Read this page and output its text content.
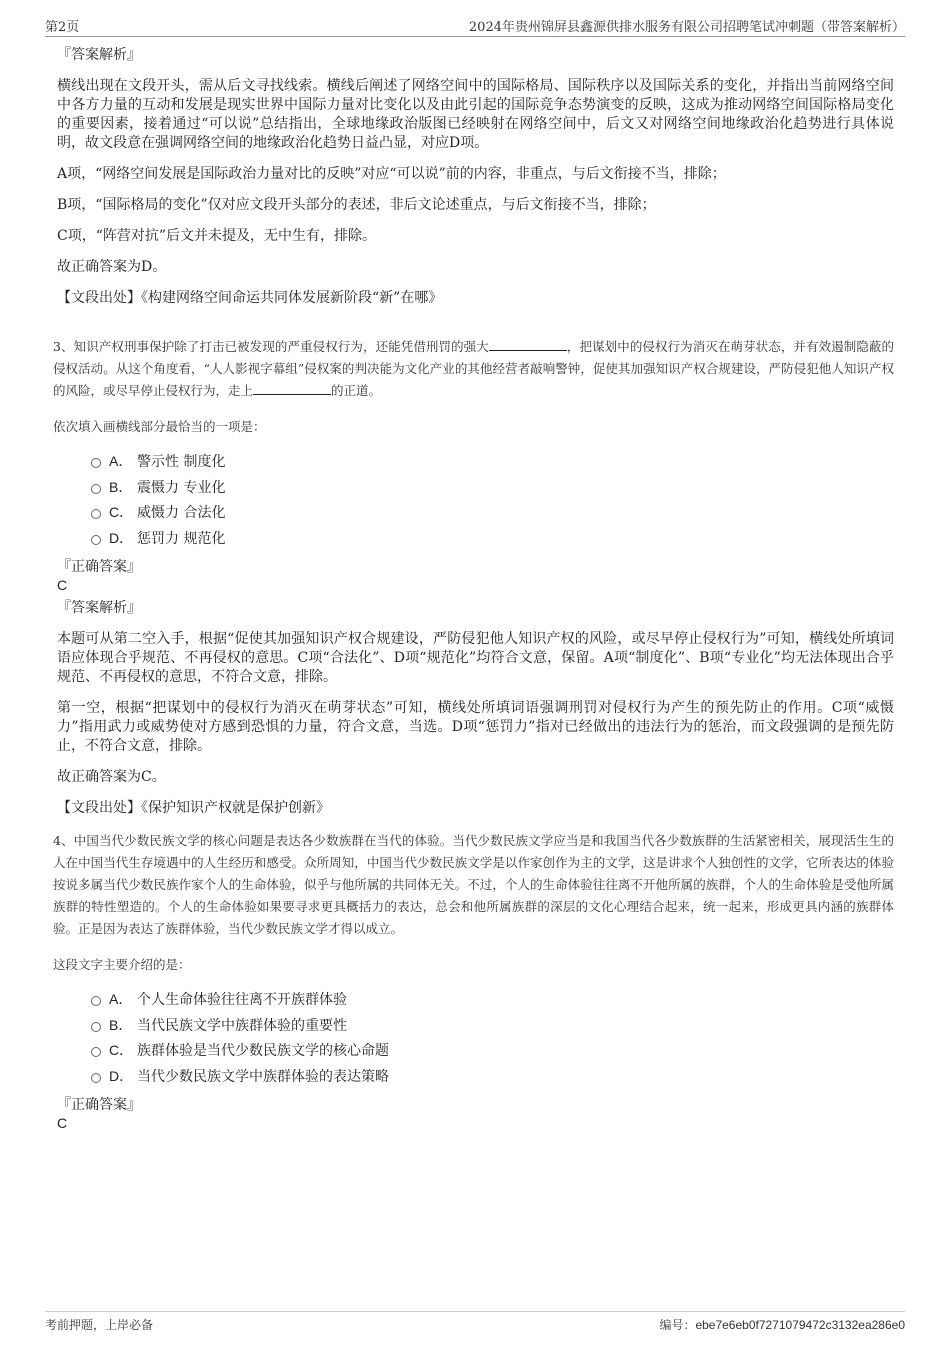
第2页	2024年贵州锦屏县鑫源供排水服务有限公司招聘笔试冲刺题（带答案解析）

『答案解析』

横线出现在文段开头，需从后文寻找线索。横线后阐述了网络空间中的国际格局、国际秩序以及国际关系的变化，并指出当前网络空间中各方力量的互动和发展是现实世界中国际力量对比变化以及由此引起的国际竞争态势演变的反映，这成为推动网络空间国际格局变化的重要因素，接着通过“可以说”总结指出，全球地缘政治版图已经映射在网络空间中，后文又对网络空间地缘政治化趋势进行具体说明，故文段意在强调网络空间的地缘政治化趋势日益凸显，对应D项。

A项，“网络空间发展是国际政治力量对比的反映”对应“可以说”前的内容，非重点，与后文衔接不当，排除；

B项，“国际格局的变化”仅对应文段开头部分的表述，非后文论述重点，与后文衔接不当，排除；

C项，“阵营对抗”后文并未提及，无中生有，排除。

故正确答案为D。

【文段出处】《构建网络空间命运共同体发展新阶段“新”在哪》

3、知识产权刑事保护除了打击已被发现的严重侵权行为，还能凭借刑罚的强大	，把谋划中的侵权行为消灭在萌芽状态，并有效遏制隐蔽的侵权活动。从这个角度看，“人人影视字幕组”侵权案的判决能为文化产业的其他经营者敲响警钟，促使其加强知识产权合规建设，严防侵犯他人知识产权的风险，或尽早停止侵权行为，走上	的正道。

依次填入画横线部分最恰当的一项是：

A． 警示性 制度化
B． 震慑力 专业化
C． 威慑力 合法化
D． 惩罚力 规范化

『正确答案』

C

『答案解析』

本题可从第二空入手，根据“促使其加强知识产权合规建设，严防侵犯他人知识产权的风险，或尽早停止侵权行为”可知，横线处所填词语应体现合乎规范、不再侵权的意思。C项“合法化”、D项“规范化”均符合文意，保留。A项“制度化”、B项“专业化”均无法体现出合乎规范、不再侵权的意思，不符合文意，排除。

第一空，根据“把谋划中的侵权行为消灭在萌芽状态”可知，横线处所填词语强调刑罚对侵权行为产生的预先防止的作用。C项“威慑力”指用武力或威势使对方感到恐惧的力量，符合文意，当选。D项“惩罚力”指对已经做出的违法行为的惩治，而文段强调的是预先防止，不符合文意，排除。

故正确答案为C。

【文段出处】《保护知识产权就是保护创新》

4、中国当代少数民族文学的核心问题是表达各少数族群在当代的体验。当代少数民族文学应当是和我国当代各少数族群的生活紧密相关，展现活生生的人在中国当代生存境遇中的人生经历和感受。众所周知，中国当代少数民族文学是以作家创作为主的文学，这是讲求个人独创性的文学，它所表达的体验按说多属当代少数民族作家个人的生命体验，似乎与他所属的共同体无关。不过，个人的生命体验往往离不开他所属的族群，个人的生命体验是受他所属族群的特性塑造的。个人的生命体验如果要寻求更具概括力的表达，总会和他所属族群的深层的文化心理结合起来，统一起来，形成更具内涵的族群体验。正是因为表达了族群体验，当代少数民族文学才得以成立。

这段文字主要介绍的是：

A． 个人生命体验往往离不开族群体验
B． 当代民族文学中族群体验的重要性
C． 族群体验是当代少数民族文学的核心命题
D． 当代少数民族文学中族群体验的表达策略

『正确答案』

C

考前押题，上岸必备	编号：ebe7e6eb0f7271079472c3132ea286e0
